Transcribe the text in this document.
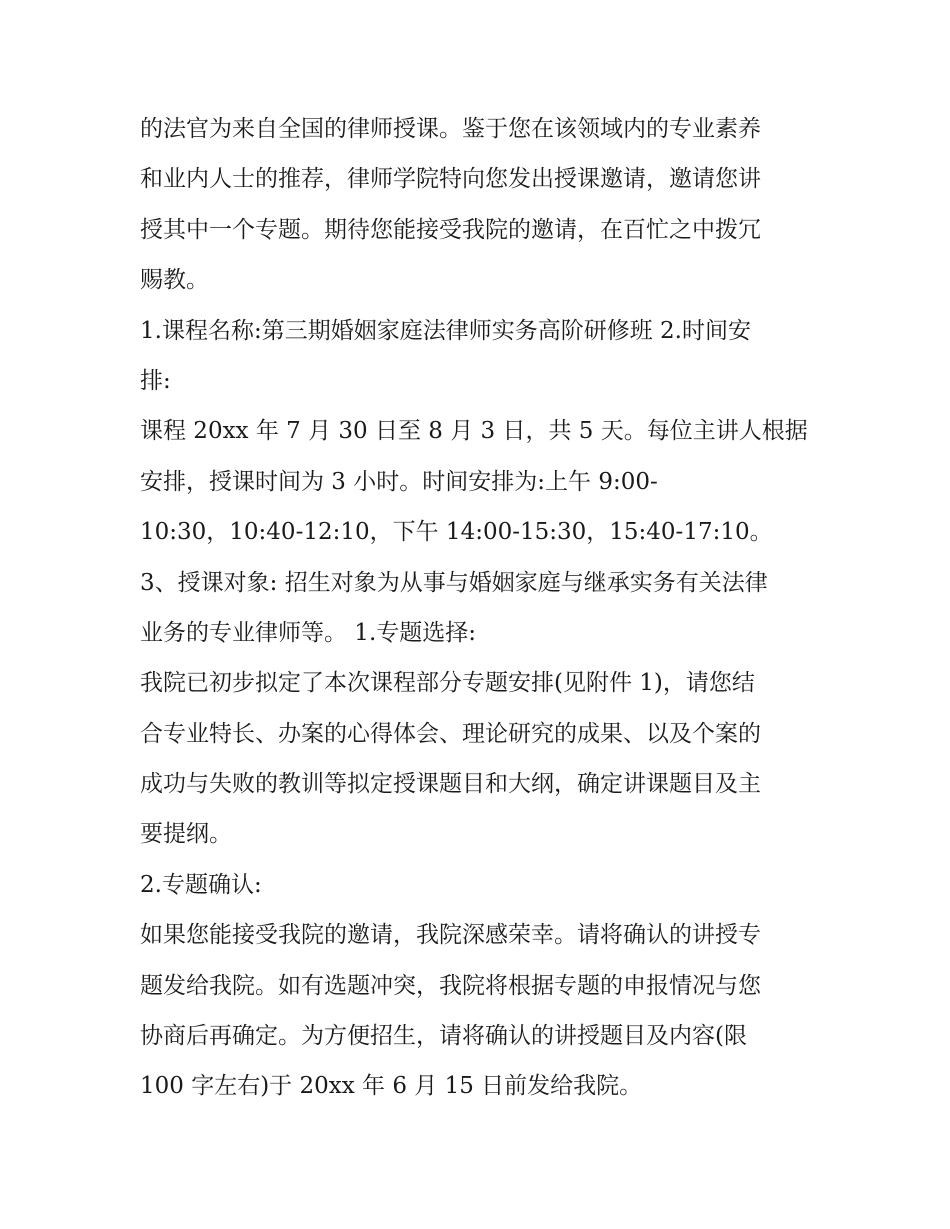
的法官为来自全国的律师授课。鉴于您在该领域内的专业素养
和业内人士的推荐，律师学院特向您发出授课邀请，邀请您讲
授其中一个专题。期待您能接受我院的邀请，在百忙之中拨冗
赐教。
1.课程名称:第三期婚姻家庭法律师实务高阶研修班 2.时间安
排:
课程 20xx 年 7 月 30 日至 8 月 3 日，共 5 天。每位主讲人根据
安排，授课时间为 3 小时。时间安排为:上午 9:00-
10:30，10:40-12:10，下午 14:00-15:30，15:40-17:10。
3、授课对象: 招生对象为从事与婚姻家庭与继承实务有关法律
业务的专业律师等。 1.专题选择:
我院已初步拟定了本次课程部分专题安排(见附件 1)，请您结
合专业特长、办案的心得体会、理论研究的成果、以及个案的
成功与失败的教训等拟定授课题目和大纲，确定讲课题目及主
要提纲。
2.专题确认:
如果您能接受我院的邀请，我院深感荣幸。请将确认的讲授专
题发给我院。如有选题冲突，我院将根据专题的申报情况与您
协商后再确定。为方便招生，请将确认的讲授题目及内容(限
100 字左右)于 20xx 年 6 月 15 日前发给我院。
